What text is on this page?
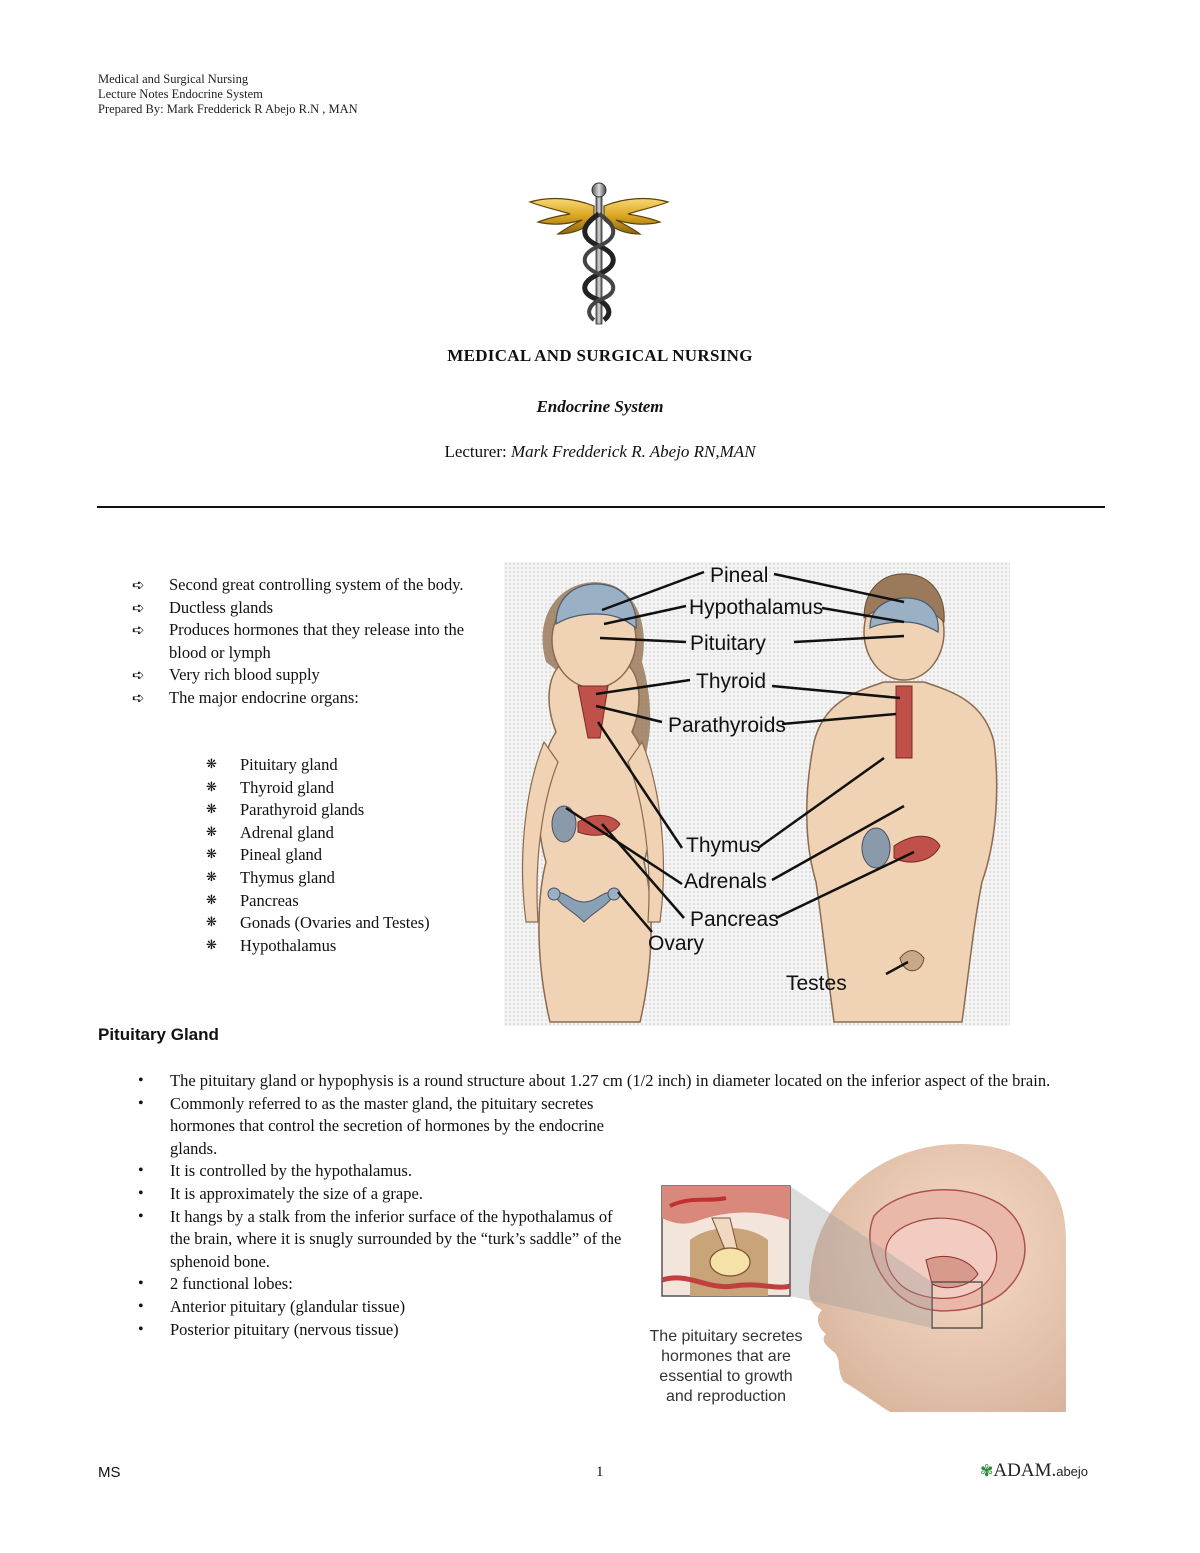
Medical and Surgical Nursing
Lecture Notes Endocrine System
Prepared By: Mark Fredderick R Abejo R.N , MAN
MEDICAL AND SURGICAL NURSING
Endocrine System
Lecturer: Mark Fredderick R. Abejo RN,MAN
➪ Second great controlling system of the body.
➪ Ductless glands
➪ Produces hormones that they release into the blood or lymph
➪ Very rich blood supply
➪ The major endocrine organs:
❋ Pituitary gland
❋ Thyroid gland
❋ Parathyroid glands
❋ Adrenal gland
❋ Pineal gland
❋ Thymus gland
❋ Pancreas
❋ Gonads (Ovaries and Testes)
❋ Hypothalamus
Pineal
Hypothalamus
Pituitary
Thyroid
Parathyroids
Thymus
Adrenals
Pancreas
Ovary
Testes
Pituitary Gland
• The pituitary gland or hypophysis is a round structure about 1.27 cm (1/2 inch) in diameter located on the inferior aspect of the brain.
• Commonly referred to as the master gland, the pituitary secretes hormones that control the secretion of hormones by the endocrine glands.
• It is controlled by the hypothalamus.
• It is approximately the size of a grape.
• It hangs by a stalk from the inferior surface of the hypothalamus of the brain, where it is snugly surrounded by the “turk’s saddle” of the sphenoid bone.
• 2 functional lobes:
• Anterior pituitary (glandular tissue)
• Posterior pituitary (nervous tissue)	The pituitary secretes
hormones that are
essential to growth
and reproduction
MS	1	✾ADAM.abejo
